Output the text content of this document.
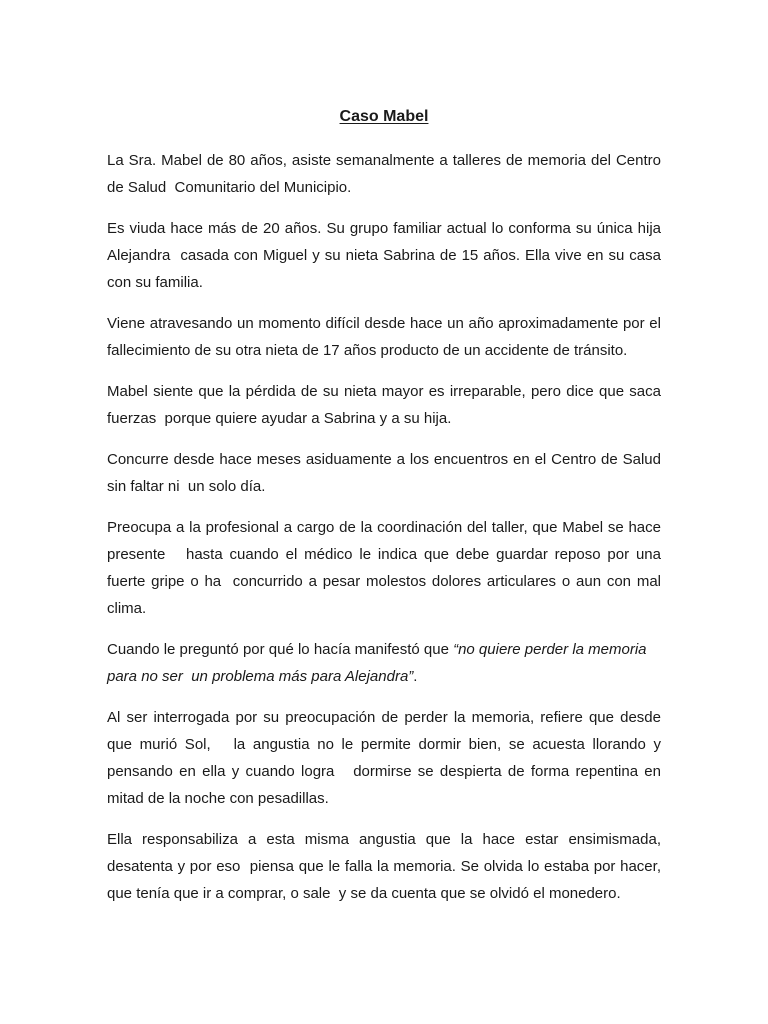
Caso Mabel

La Sra. Mabel de 80 años, asiste semanalmente a talleres de memoria del Centro de Salud  Comunitario del Municipio.

Es viuda hace más de 20 años. Su grupo familiar actual lo conforma su única hija Alejandra  casada con Miguel y su nieta Sabrina de 15 años. Ella vive en su casa con su familia.

Viene atravesando un momento difícil desde hace un año aproximadamente por el fallecimiento de su otra nieta de 17 años producto de un accidente de tránsito.

Mabel siente que la pérdida de su nieta mayor es irreparable, pero dice que saca fuerzas  porque quiere ayudar a Sabrina y a su hija.

Concurre desde hace meses asiduamente a los encuentros en el Centro de Salud sin faltar ni  un solo día.

Preocupa a la profesional a cargo de la coordinación del taller, que Mabel se hace presente   hasta cuando el médico le indica que debe guardar reposo por una fuerte gripe o ha  concurrido a pesar molestos dolores articulares o aun con mal clima.

Cuando le preguntó por qué lo hacía manifestó que “no quiere perder la memoria para no ser  un problema más para Alejandra”.

Al ser interrogada por su preocupación de perder la memoria, refiere que desde que murió Sol,   la angustia no le permite dormir bien, se acuesta llorando y pensando en ella y cuando logra   dormirse se despierta de forma repentina en mitad de la noche con pesadillas.

Ella responsabiliza a esta misma angustia que la hace estar ensimismada, desatenta y por eso  piensa que le falla la memoria. Se olvida lo estaba por hacer, que tenía que ir a comprar, o sale  y se da cuenta que se olvidó el monedero.
